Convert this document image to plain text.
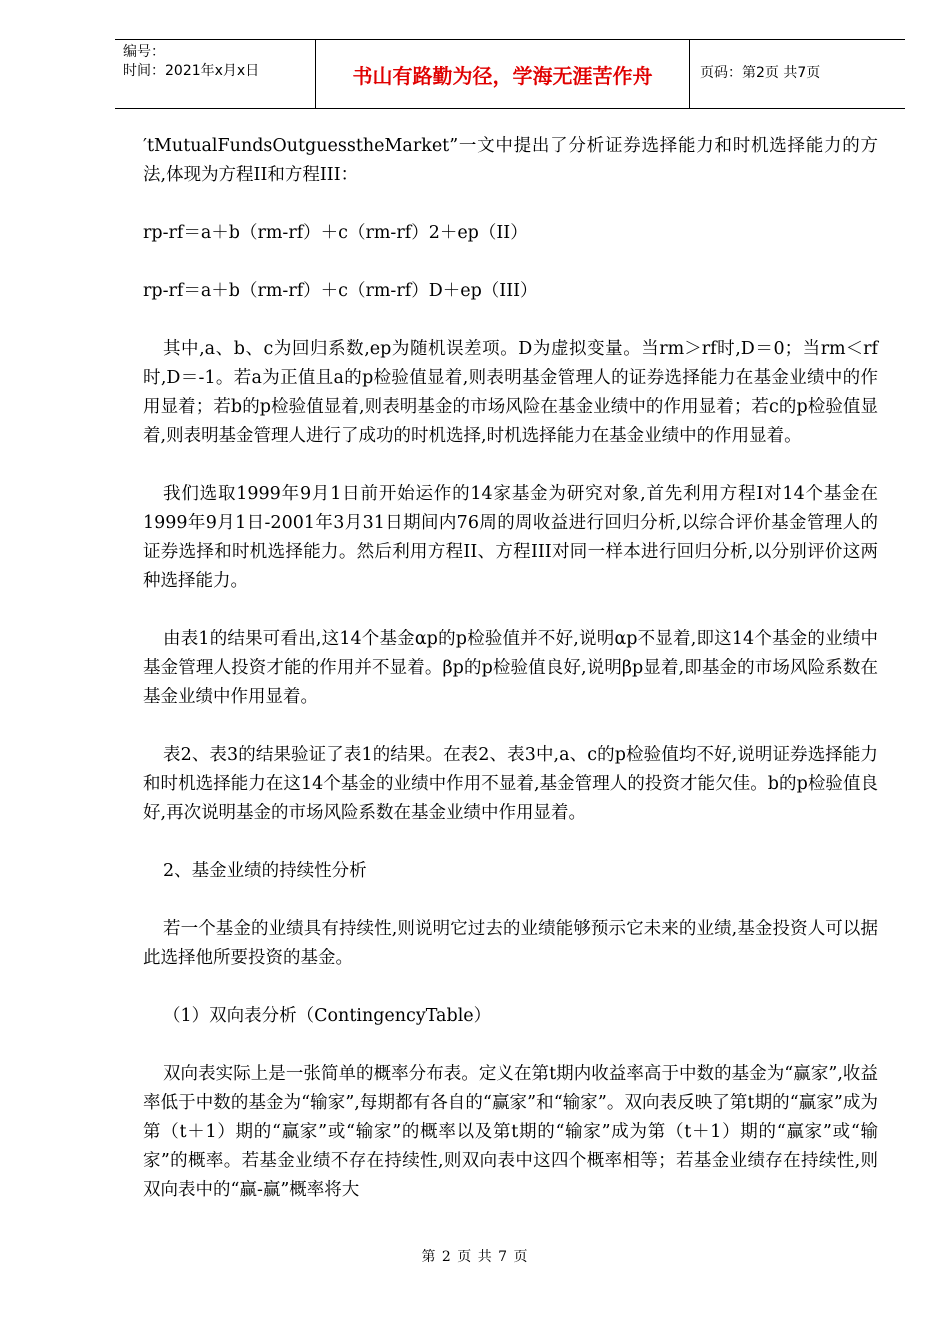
编号：
时间：2021年x月x日	书山有路勤为径，学海无涯苦作舟	页码：第2页 共7页

′tMutualFundsOutguesstheMarket”一文中提出了分析证券选择能力和时机选择能力的方法,体现为方程II和方程III：

rp-rf＝a＋b（rm-rf）＋c（rm-rf）2＋ep（II）

rp-rf＝a＋b（rm-rf）＋c（rm-rf）D＋ep（III）

其中,a、b、c为回归系数,ep为随机误差项。D为虚拟变量。当rm＞rf时,D＝0；当rm＜rf时,D＝-1。若a为正值且a的p检验值显着,则表明基金管理人的证券选择能力在基金业绩中的作用显着；若b的p检验值显着,则表明基金的市场风险在基金业绩中的作用显着；若c的p检验值显着,则表明基金管理人进行了成功的时机选择,时机选择能力在基金业绩中的作用显着。

我们选取1999年9月1日前开始运作的14家基金为研究对象,首先利用方程I对14个基金在1999年9月1日-2001年3月31日期间内76周的周收益进行回归分析,以综合评价基金管理人的证券选择和时机选择能力。然后利用方程II、方程III对同一样本进行回归分析,以分别评价这两种选择能力。

由表1的结果可看出,这14个基金αp的p检验值并不好,说明αp不显着,即这14个基金的业绩中基金管理人投资才能的作用并不显着。βp的p检验值良好,说明βp显着,即基金的市场风险系数在基金业绩中作用显着。

表2、表3的结果验证了表1的结果。在表2、表3中,a、c的p检验值均不好,说明证券选择能力和时机选择能力在这14个基金的业绩中作用不显着,基金管理人的投资才能欠佳。b的p检验值良好,再次说明基金的市场风险系数在基金业绩中作用显着。

2、基金业绩的持续性分析

若一个基金的业绩具有持续性,则说明它过去的业绩能够预示它未来的业绩,基金投资人可以据此选择他所要投资的基金。

（1）双向表分析（ContingencyTable）

双向表实际上是一张简单的概率分布表。定义在第t期内收益率高于中数的基金为“赢家”,收益率低于中数的基金为“输家”,每期都有各自的“赢家”和“输家”。双向表反映了第t期的“赢家”成为第（t＋1）期的“赢家”或“输家”的概率以及第t期的“输家”成为第（t＋1）期的“赢家”或“输家”的概率。若基金业绩不存在持续性,则双向表中这四个概率相等；若基金业绩存在持续性,则双向表中的“赢-赢”概率将大

第 2 页 共 7 页
